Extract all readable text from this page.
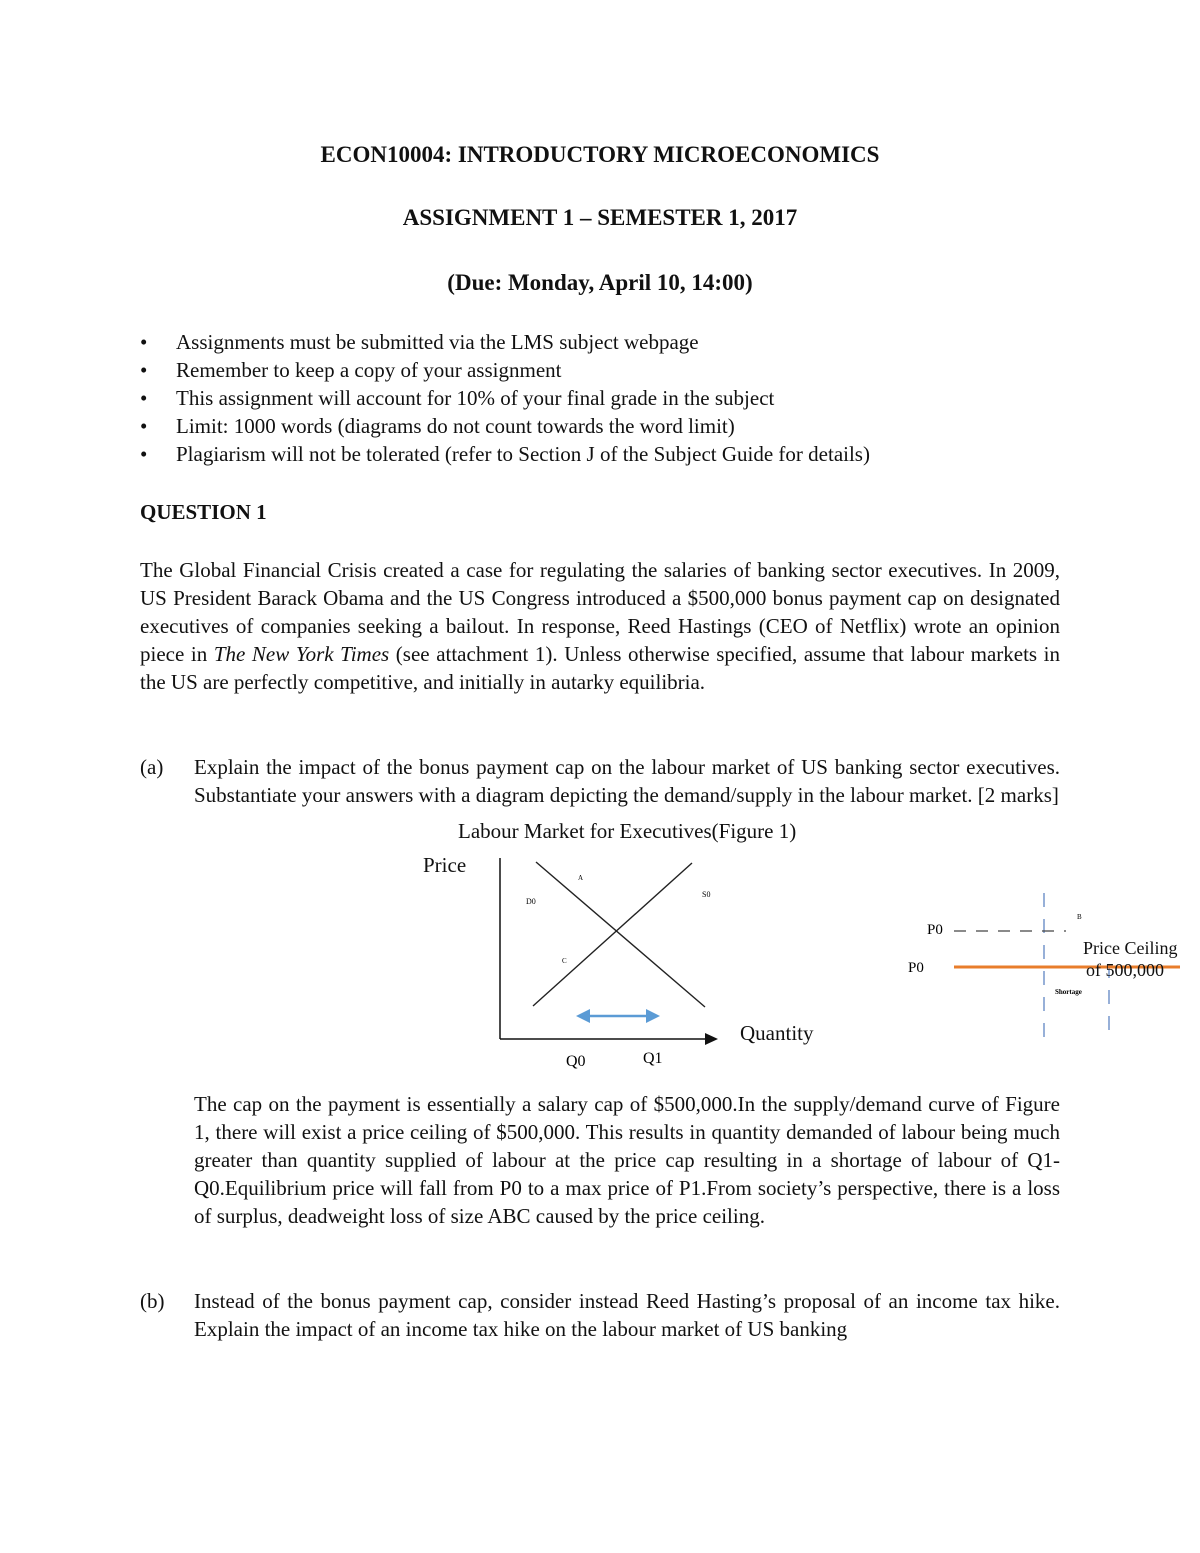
ECON10004: INTRODUCTORY MICROECONOMICS
ASSIGNMENT 1 – SEMESTER 1, 2017
(Due: Monday, April 10, 14:00)
• Assignments must be submitted via the LMS subject webpage
• Remember to keep a copy of your assignment
• This assignment will account for 10% of your final grade in the subject
• Limit: 1000 words (diagrams do not count towards the word limit)
• Plagiarism will not be tolerated (refer to Section J of the Subject Guide for details)
QUESTION 1
The Global Financial Crisis created a case for regulating the salaries of banking sector executives. In 2009, US President Barack Obama and the US Congress introduced a $500,000 bonus payment cap on designated executives of companies seeking a bailout. In response, Reed Hastings (CEO of Netflix) wrote an opinion piece in The New York Times (see attachment 1). Unless otherwise specified, assume that labour markets in the US are perfectly competitive, and initially in autarky equilibria.
(a) Explain the impact of the bonus payment cap on the labour market of US banking sector executives. Substantiate your answers with a diagram depicting the demand/supply in the labour market. [2 marks]
Labour Market for Executives(Figure 1)
Price
Quantity
D0
S0
A
C
Q0	Q1
P0
P0
B
Shortage
Price Ceiling
of 500,000
The cap on the payment is essentially a salary cap of $500,000.In the supply/demand curve of Figure 1, there will exist a price ceiling of $500,000. This results in quantity demanded of labour being much greater than quantity supplied of labour at the price cap resulting in a shortage of labour of Q1-Q0.Equilibrium price will fall from P0 to a max price of P1.From society’s perspective, there is a loss of surplus, deadweight loss of size ABC caused by the price ceiling.
(b) Instead of the bonus payment cap, consider instead Reed Hasting’s proposal of an income tax hike. Explain the impact of an income tax hike on the labour market of US banking
